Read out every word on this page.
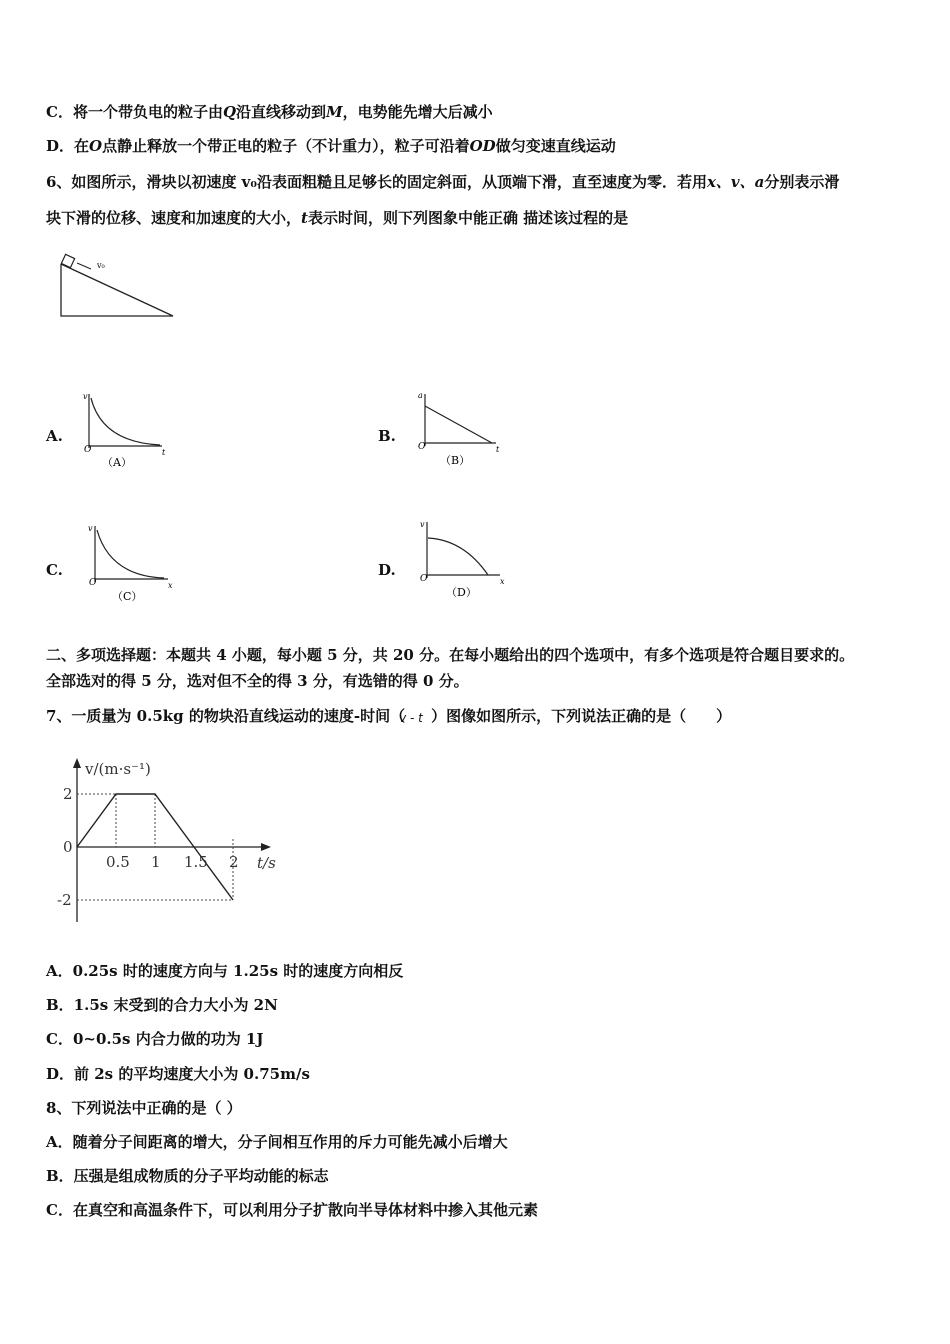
C．将一个带负电的粒子由Q沿直线移动到M，电势能先增大后减小
D．在O点静止释放一个带正电的粒子（不计重力），粒子可沿着OD做匀变速直线运动
6、如图所示，滑块以初速度 v₀沿表面粗糙且足够长的固定斜面，从顶端下滑，直至速度为零．若用x、v、a分别表示滑
块下滑的位移、速度和加速度的大小，t表示时间，则下列图象中能正确 描述该过程的是
v₀
A.
v
t
O
（A）
B.
a
t
O
（B）
C.
v
x
O
（C）
D.
v
x
O
（D）
二、多项选择题：本题共 4 小题，每小题 5 分，共 20 分。在每小题给出的四个选项中，有多个选项是符合题目要求的。
全部选对的得 5 分，选对但不全的得 3 分，有选错的得 0 分。
7、一质量为 0.5kg 的物块沿直线运动的速度-时间（
v - t ）图像如图所示，下列说法正确的是（　　）
v/(m·s⁻¹)
t/s
0.5 1 1.5 2
2
0
-2
A．0.25s 时的速度方向与 1.25s 时的速度方向相反
B．1.5s 末受到的合力大小为 2N
C．0~0.5s 内合力做的功为 1J
D．前 2s 的平均速度大小为 0.75m/s
8、下列说法中正确的是（ ）
A．随着分子间距离的增大，分子间相互作用的斥力可能先减小后增大
B．压强是组成物质的分子平均动能的标志
C．在真空和高温条件下，可以利用分子扩散向半导体材料中掺入其他元素
